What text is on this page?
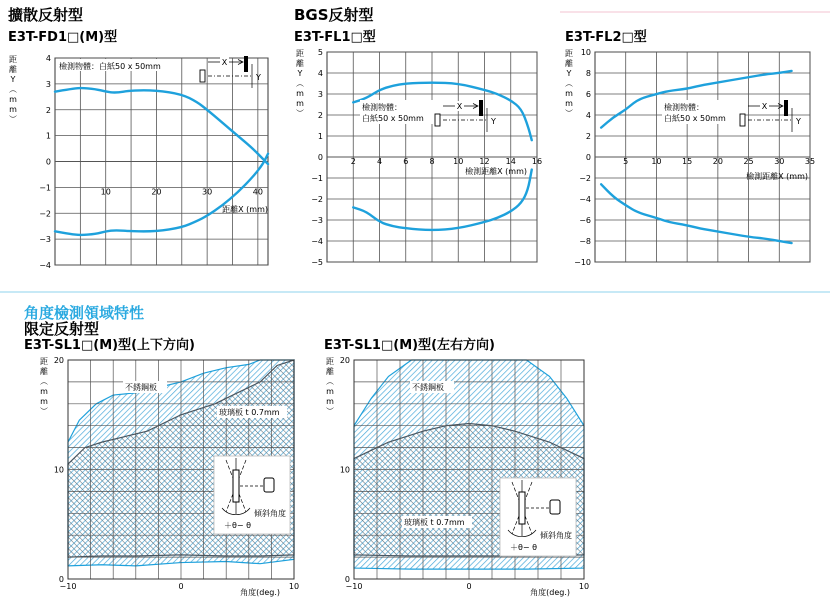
擴散反射型
E3T-FD1□(M)型
BGS反射型
E3T-FL1□型	E3T-FL2□型
角度檢測領域特性
限定反射型
E3T-SL1□(M)型(上下方向)	E3T-SL1□(M)型(左右方向)
4
3
2
1
0
−1
−2
−3
−4
10	20	30	40
距
離
Y
︵
m
m
︶
距離X (mm)
檢測物體：白紙50 x 50mm	X
Y
5
4
3
2
1
0
−1
−2
−3
−4
−5
2	4	6	8 10 12 14 16
距
離
Y
︵
m
m
︶
檢測距離X (mm)
檢測物體：
白紙50 x 50mm
X
Y
10
8
6
4
2
0
−2
−4
−6
−8
−10
5	10	15	20	25	30	35
距
離
Y
︵
m
m
︶
檢測距離X (mm)
檢測物體：
白紙50 x 50mm
X
Y
0
10
20
−10	0	10
角度(deg.)
距
離
︵
m
m
︶
不銹鋼板
玻璃板 t 0.7mm
＋θ− θ
傾斜角度
0
10
20
−10	0	10
角度(deg.)
距
離
︵
m
m
︶
不銹鋼板
玻璃板 t 0.7mm
＋θ− θ
傾斜角度
